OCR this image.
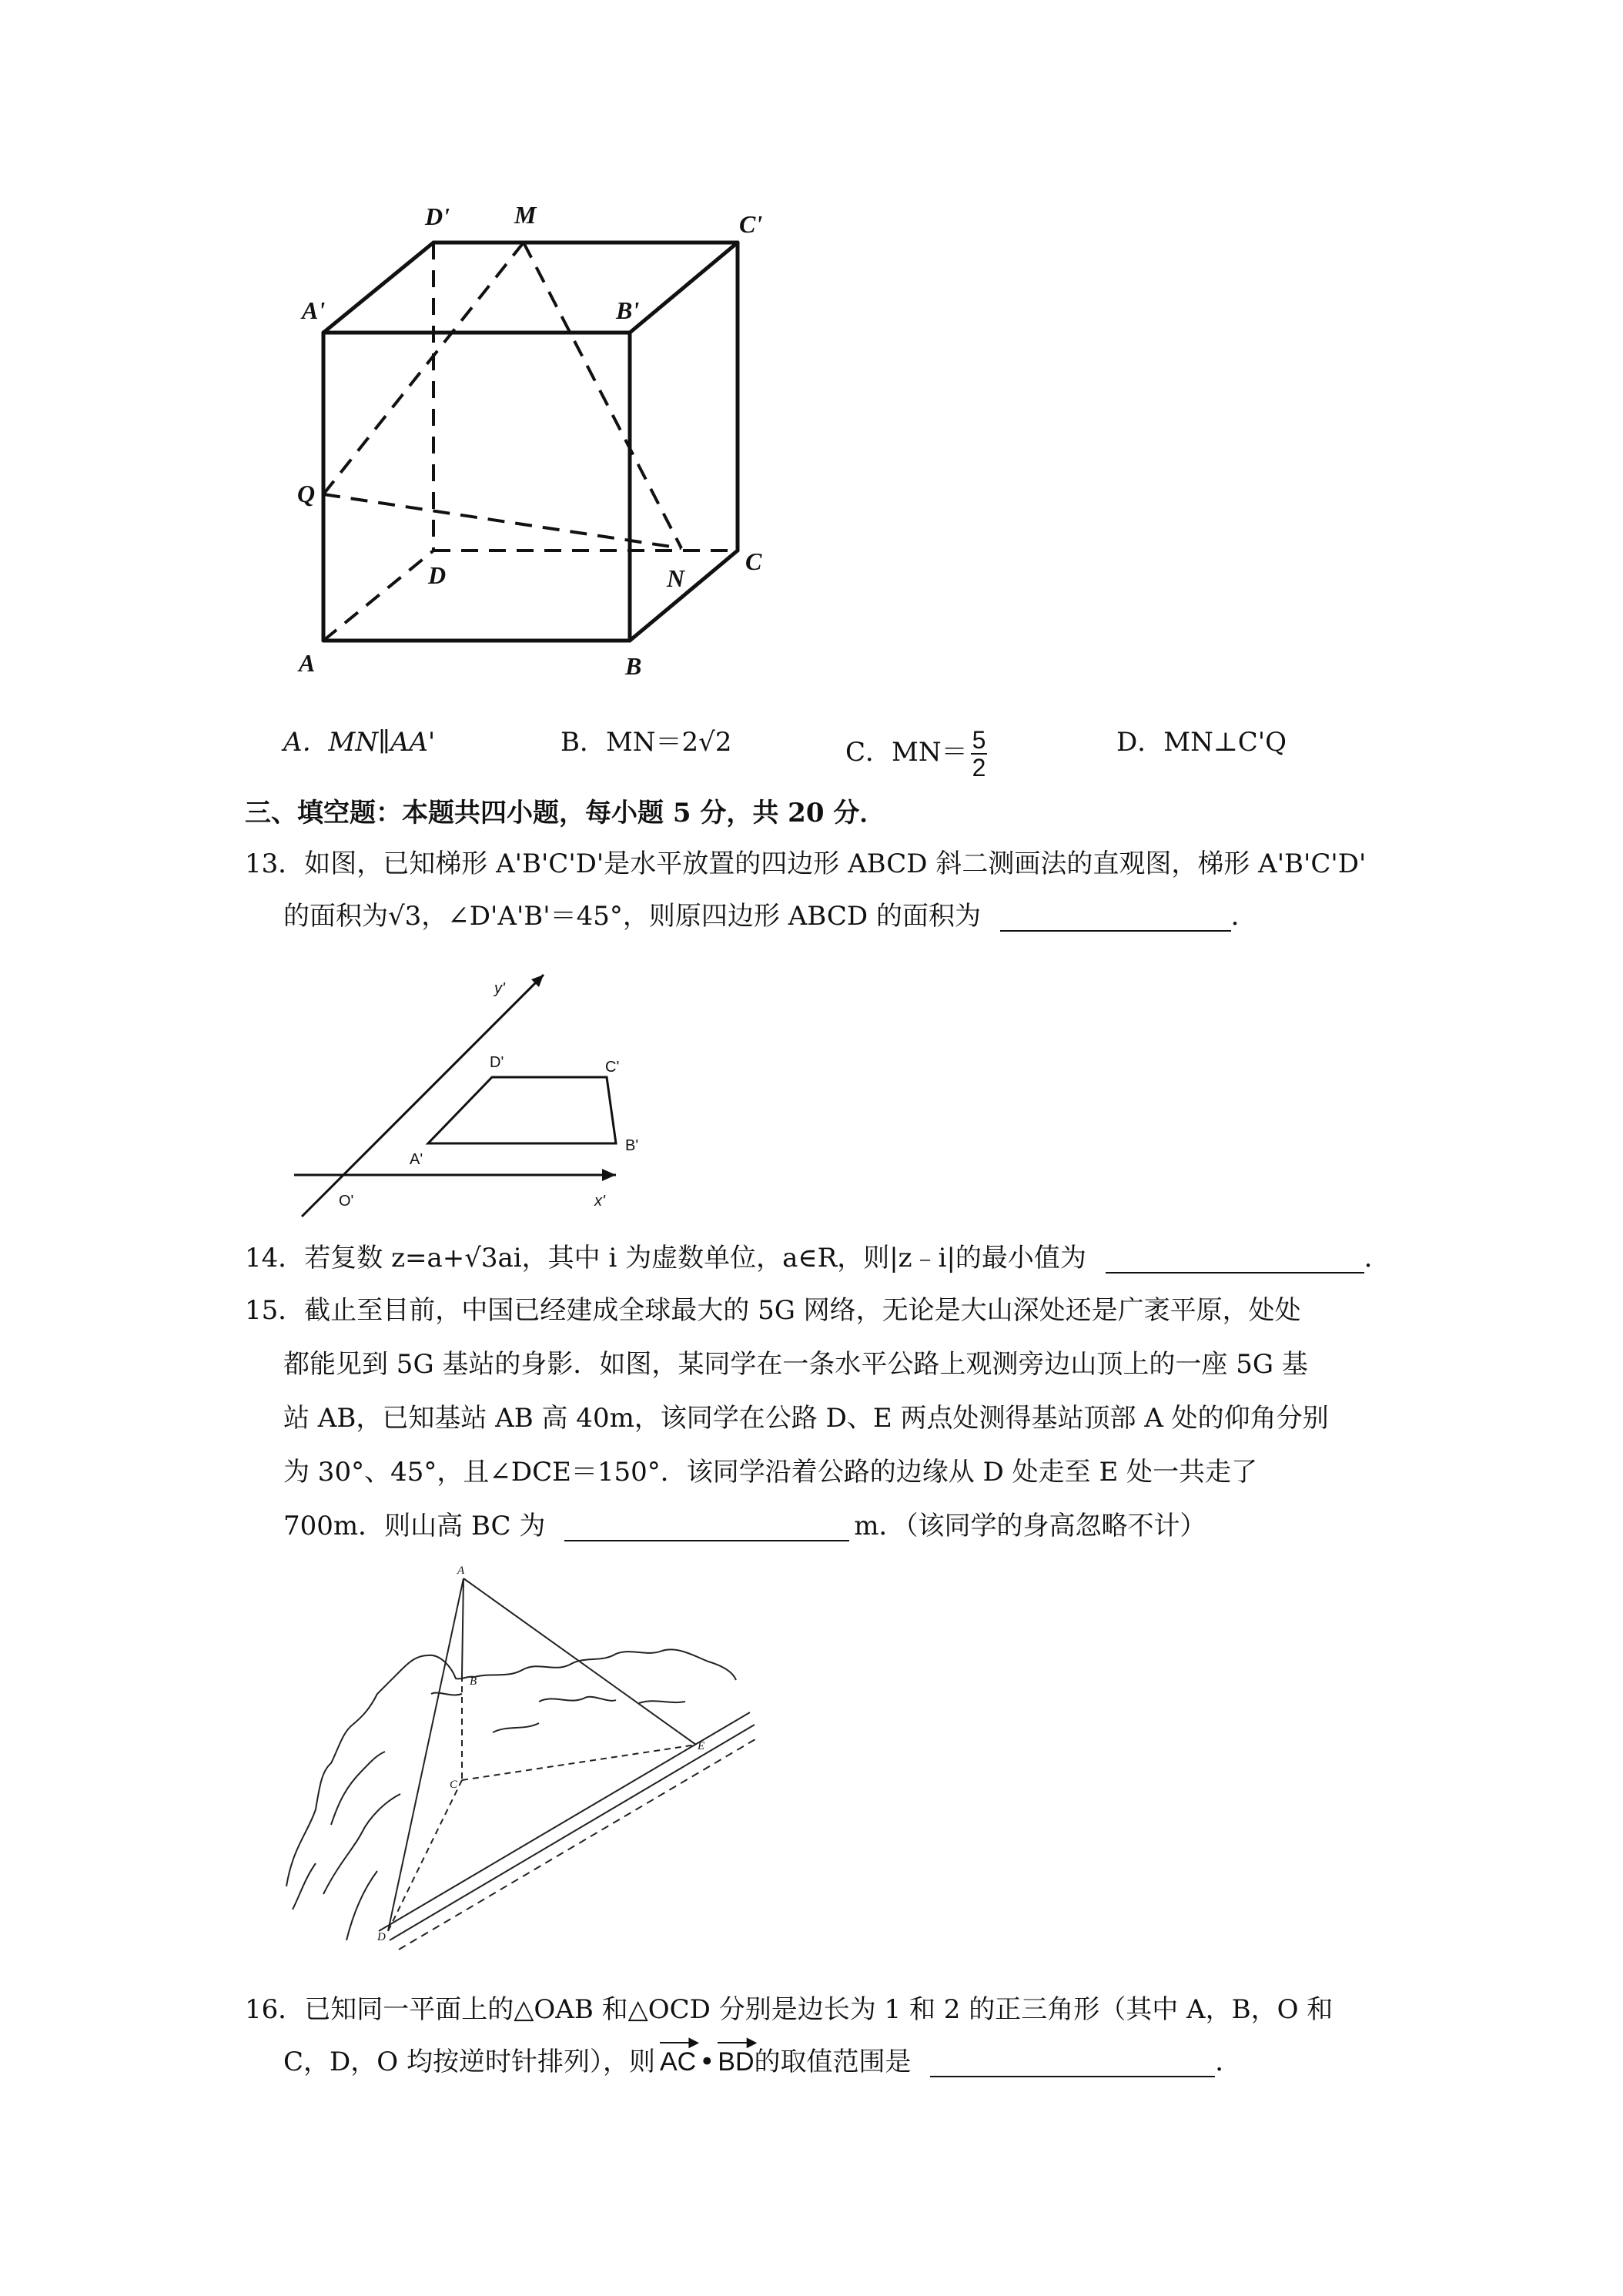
D'	M	C'
A'	B'
Q
D	N
C
A	B
A．MN∥AA'	B．MN＝2√2	C．$MN= \frac{5}{2}$	D．MN⊥C'Q
三、填空题：本题共四小题，每小题 5 分，共 20 分．
13．如图，已知梯形 A'B'C'D'是水平放置的四边形 ABCD 斜二测画法的直观图，梯形 A'B'C'D'
的面积为√3，∠D'A'B'＝45°，则原四边形 ABCD 的面积为	．
y'
D'	C'
A'
B'
O'	x'
14．若复数 z=a+√3ai，其中 i 为虚数单位，a∈R，则|z﹣i|的最小值为	．
15．截止至目前，中国已经建成全球最大的 5G 网络，无论是大山深处还是广袤平原，处处
都能见到 5G 基站的身影．如图，某同学在一条水平公路上观测旁边山顶上的一座 5G 基
站 AB，已知基站 AB 高 40m，该同学在公路 D、E 两点处测得基站顶部 A 处的仰角分别
为 30°、45°，且∠DCE＝150°．该同学沿着公路的边缘从 D 处走至 E 处一共走了
700m．则山高 BC 为	m．（该同学的身高忽略不计）
A
B
C
D
E
16．已知同一平面上的△OAB 和△OCD 分别是边长为 1 和 2 的正三角形（其中 A，B，O 和
C，D，O 均按逆时针排列），则
▶
AC •
▶
BD的取值范围是	．
